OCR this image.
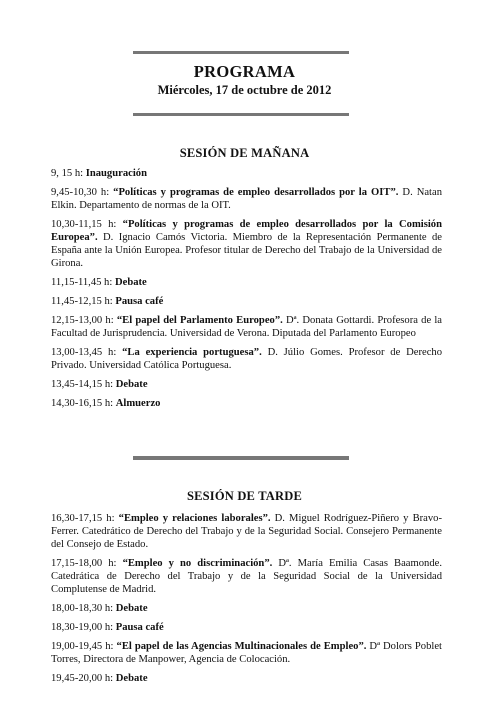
PROGRAMA
Miércoles, 17 de octubre de 2012
SESIÓN DE MAÑANA
9, 15 h: Inauguración
9,45-10,30 h: “Políticas y programas de empleo desarrollados por la OIT”. D. Natan Elkin. Departamento de normas de la OIT.
10,30-11,15 h: “Políticas y programas de empleo desarrollados por la Comisión Europea”. D. Ignacio Camós Victoria. Miembro de la Representación Permanente de España ante la Unión Europea. Profesor titular de Derecho del Trabajo de la Universidad de Girona.
11,15-11,45 h: Debate
11,45-12,15 h: Pausa café
12,15-13,00 h: “El papel del Parlamento Europeo”. Dª. Donata Gottardi. Profesora de la Facultad de Jurisprudencia. Universidad de Verona. Diputada del Parlamento Europeo
13,00-13,45 h: “La experiencia portuguesa”. D. Júlio Gomes. Profesor de Derecho Privado. Universidad Católica Portuguesa.
13,45-14,15 h: Debate
14,30-16,15 h: Almuerzo
SESIÓN DE TARDE
16,30-17,15 h: “Empleo y relaciones laborales”. D. Miguel Rodríguez-Piñero y Bravo-Ferrer. Catedrático de Derecho del Trabajo y de la Seguridad Social. Consejero Permanente del Consejo de Estado.
17,15-18,00 h: “Empleo y no discriminación”. Dª. María Emilia Casas Baamonde. Catedrática de Derecho del Trabajo y de la Seguridad Social de la Universidad Complutense de Madrid.
18,00-18,30 h: Debate
18,30-19,00 h: Pausa café
19,00-19,45 h: “El papel de las Agencias Multinacionales de Empleo”. Dª Dolors Poblet Torres, Directora de Manpower, Agencia de Colocación.
19,45-20,00 h: Debate
